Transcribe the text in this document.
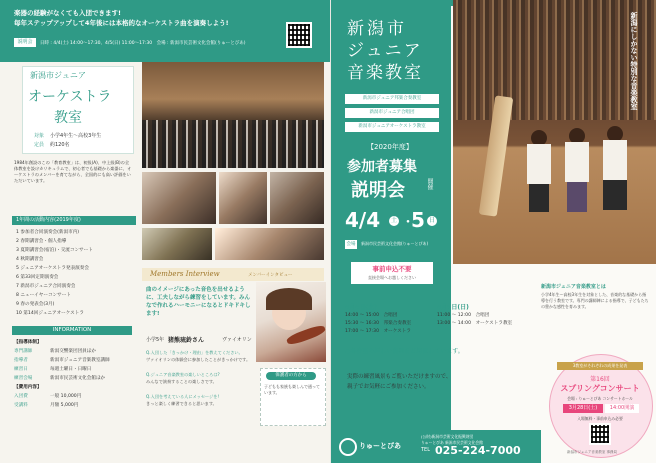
楽器の経験がなくても入団できます!
毎年ステップアップして4年後には本格的なオーケストラ曲を演奏しよう!
説明会	日時 : 4/4(土) 14:00〜17:30、4/5(日) 11:00〜17:30　会場 : 新潟市民芸術文化会館(りゅーとぴあ)
新潟市ジュニア
オーケストラ
教室
対象 小学4年生〜高校3年生
定員 約120名
1984年創設のこの「教育教室」は、初級(A)、中上級(B)の全体教室を設けカリキュラムで、初心者でも基礎から楽器に、オーケストラのメンバーを育てながら、全国的にも高い評価をいただいています。
1年間の活動内容(2019年度)
1 参加者合同演奏会(新潟市内)
2 春期講習会・個人指導
3 夏期講習会(宿泊)・交流コンサート
4 秋期講習会
5 ジュニアオーケストラ発表演奏会
6 第33回定期演奏会
7 新潟市ジュニア合同演奏会
8 ニューイヤーコンサート
9 春の発表会(3月)
10 第14回ジュニアオーケストラ
INFORMATION
【指導体制】
専門講師	新潟交響楽団団員ほか
指導者	新潟市ジュニア音楽教室講師
練習日	毎週土曜日・日曜日
練習会場	新潟市民芸術文化会館ほか
【費用内容】
入団費	一般 10,000円
受講料	月額 5,000円
Members Interview	メンバーインタビュー
曲のイメージにあった音色を出せるように、工夫しながら練習をしています。みんなで作れるハーモニーになるとドキドキします!
小学5年 猪熊琉鈴さん	ヴァイオリン
Q.入団した「きっかけ・理由」を教えてください。
ヴァイオリンの体験会に参加したことがきっかけです。
Q.ジュニア音楽教室の楽しいところは?
みんなで演奏することの楽しさです。
Q.入団を考えている人にメッセージを!
きっと楽しく練習できると思います。
保護者の方から
子どもも家族も楽しんで通っています。
新潟市
ジュニア
音楽教室
新潟市ジュニア邦楽合奏教室
新潟市ジュニア合唱団
新潟市ジュニアオーケストラ教室
【2020年度】
参加者募集
説明会	開催
4/4	土 ・
5 日
会場	新潟市民芸術文化会館(りゅーとぴあ)
事前申込不要
直接会場へお越しください
新潟にしかない特別な音楽教室
4月4日(土)
14:00 〜 15:00　合唱団
15:30 〜 16:30　邦楽合奏教室
17:00 〜 17:30　オーケストラ
4月5日(日)
11:00 〜 12:00　合唱団
13:00 〜 14:00　オーケストラ教室
○各教室の詳しい資料をご用意しています。
実際の練習風景もご覧いただけますので、
親子でお気軽にご参加ください。
新潟市ジュニア音楽教室とは
小学4年生〜高校3年生を対象とした、音楽的な基礎から指導を行う教室です。専門の講師陣による指導で、子どもたちの豊かな感性を育みます。
3教室がそれぞれの成果を発表
第16回
スプリングコンサート
会場 : りゅーとぴあ コンサートホール
3月28日(土)	14:00開演
入場無料・事前申込み必要
りゅーとぴあ
(公財)新潟市芸術文化振興財団
りゅーとぴあ 新潟市民芸術文化会館
TEL 025-224-7000	新潟市ジュニア音楽教室 事務局
